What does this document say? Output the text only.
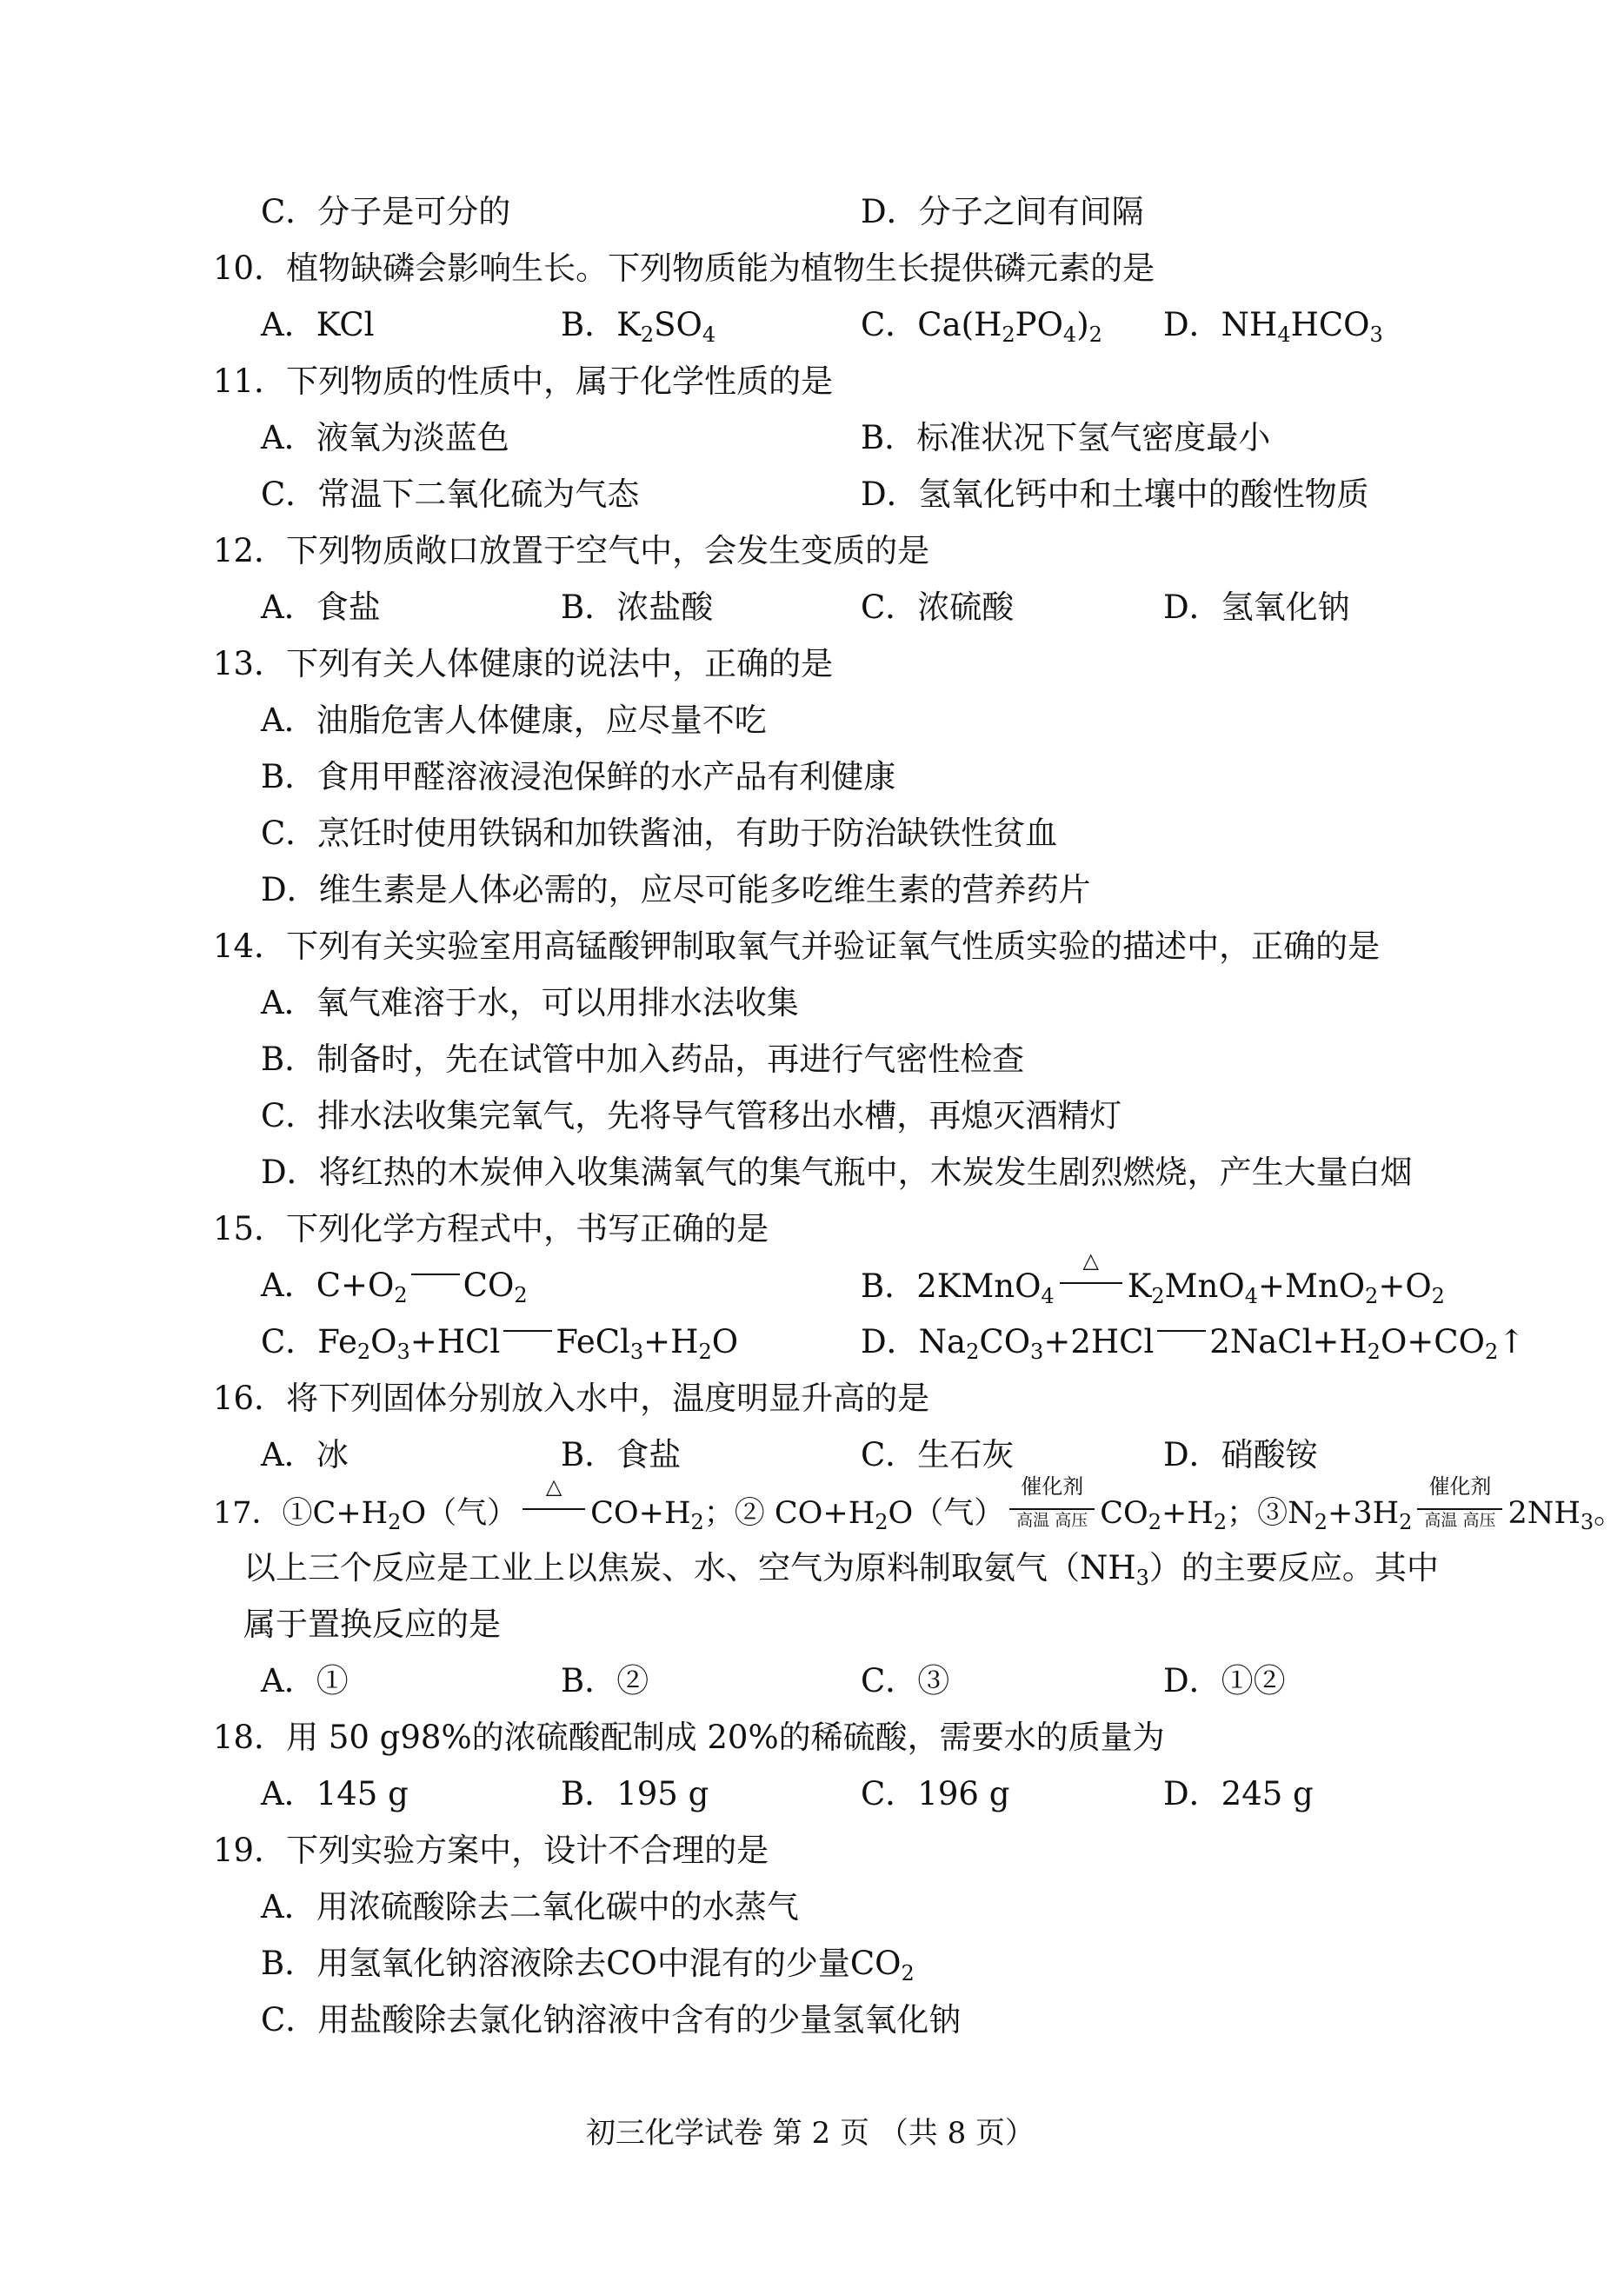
C．分子是可分的	D．分子之间有间隔
10．植物缺磷会影响生长。下列物质能为植物生长提供磷元素的是
A．KCl	B．$K_2SO_4$	C．$Ca(H_2PO_4)_2$ D．$NH_4HCO_3$
11．下列物质的性质中，属于化学性质的是
A．液氧为淡蓝色	B．标准状况下氢气密度最小
C．常温下二氧化硫为气态	D．氢氧化钙中和土壤中的酸性物质
12．下列物质敞口放置于空气中，会发生变质的是
A．食盐	B．浓盐酸	C．浓硫酸	D．氢氧化钠
13．下列有关人体健康的说法中，正确的是
A．油脂危害人体健康，应尽量不吃
B．食用甲醛溶液浸泡保鲜的水产品有利健康
C．烹饪时使用铁锅和加铁酱油，有助于防治缺铁性贫血
D．维生素是人体必需的，应尽可能多吃维生素的营养药片
14．下列有关实验室用高锰酸钾制取氧气并验证氧气性质实验的描述中，正确的是
A．氧气难溶于水，可以用排水法收集
B．制备时，先在试管中加入药品，再进行气密性检查
C．排水法收集完氧气，先将导气管移出水槽，再熄灭酒精灯
D．将红热的木炭伸入收集满氧气的集气瓶中，木炭发生剧烈燃烧，产生大量白烟
15．下列化学方程式中，书写正确的是
A．$C+O_2$ $CO_2$	B．2KMnO$_4$
△
$K_2MnO_4+MnO_2+O_2$
C．$Fe_2O_3+HCl$ $FeCl_3+H_2O$	D．$Na_2CO_3+2HCl$ $2NaCl+H_2O+CO_2↑$
16．将下列固体分别放入水中，温度明显升高的是
A．冰	B．食盐	C．生石灰	D．硝酸铵
17．$①C+H_2O$（气）
△
$CO+H_2$；② $CO+H_2O$（气）
催化剂
高温 高压 $CO_2+H_2$；$③N_2+3H_2$
催化剂
高温 高压 $2NH_3$。
以上三个反应是工业上以焦炭、水、空气为原料制取氨气$(NH_3)$的主要反应。其中
属于置换反应的是
A．①	B．②	C．③	D．①②
18．用 50 g98%的浓硫酸配制成 20%的稀硫酸，需要水的质量为
A．145 g	B．195 g	C．196 g	D．245 g
19．下列实验方案中，设计不合理的是
A．用浓硫酸除去二氧化碳中的水蒸气
B．用氢氧化钠溶液除去CO中混有的少量$CO_2$
C．用盐酸除去氯化钠溶液中含有的少量氢氧化钠
初三化学试卷 第 2 页 （共 8 页）
